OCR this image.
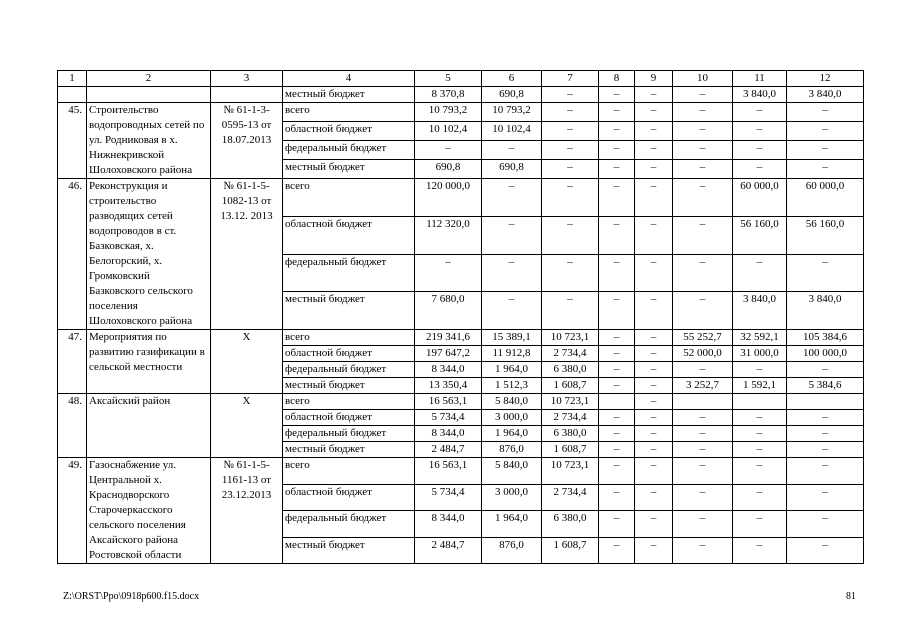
1	2	3	4	5	6	7	8	9	10	11	12
			местный бюджет	8 370,8	690,8	–	–	–	–	3 840,0	3 840,0
45.	Строительство водопроводных сетей по ул. Родниковая в х. Нижнекривской Шолоховского района	№ 61-1-3-0595-13 от 18.07.2013	всего	10 793,2	10 793,2	–	–	–	–	–	–
			областной бюджет	10 102,4	10 102,4	–	–	–	–	–	–
			федеральный бюджет	–	–	–	–	–	–	–	–
			местный бюджет	690,8	690,8	–	–	–	–	–	–
46.	Реконструкция и строительство разводящих сетей водопроводов в ст. Базковская, х. Белогорский, х. Громковский Базковского сельского поселения Шолоховского района	№ 61-1-5-1082-13 от 13.12. 2013	всего	120 000,0	–	–	–	–	–	60 000,0	60 000,0
			областной бюджет	112 320,0	–	–	–	–	–	56 160,0	56 160,0
			федеральный бюджет	–	–	–	–	–	–	–	–
			местный бюджет	7 680,0	–	–	–	–	–	3 840,0	3 840,0
47.	Мероприятия по развитию газификации в сельской местности	Х	всего	219 341,6	15 389,1	10 723,1	–	–	55 252,7	32 592,1	105 384,6
			областной бюджет	197 647,2	11 912,8	2 734,4	–	–	52 000,0	31 000,0	100 000,0
			федеральный бюджет	8 344,0	1 964,0	6 380,0	–	–	–	–	–
			местный бюджет	13 350,4	1 512,3	1 608,7	–	–	3 252,7	1 592,1	5 384,6
48.	Аксайский район	Х	всего	16 563,1	5 840,0	10 723,1		–			
			областной бюджет	5 734,4	3 000,0	2 734,4	–	–	–	–	–
			федеральный бюджет	8 344,0	1 964,0	6 380,0	–	–	–	–	–
			местный бюджет	2 484,7	876,0	1 608,7	–	–	–	–	–
49.	Газоснабжение ул. Центральной х. Краснодворского Старочеркасского сельского поселения Аксайского района Ростовской области	№ 61-1-5-1161-13 от 23.12.2013	всего	16 563,1	5 840,0	10 723,1	–	–	–	–	–
			областной бюджет	5 734,4	3 000,0	2 734,4	–	–	–	–	–
			федеральный бюджет	8 344,0	1 964,0	6 380,0	–	–	–	–	–
			местный бюджет	2 484,7	876,0	1 608,7	–	–	–	–	–
Z:\ORST\Ppo\0918p600.f15.docx	81
